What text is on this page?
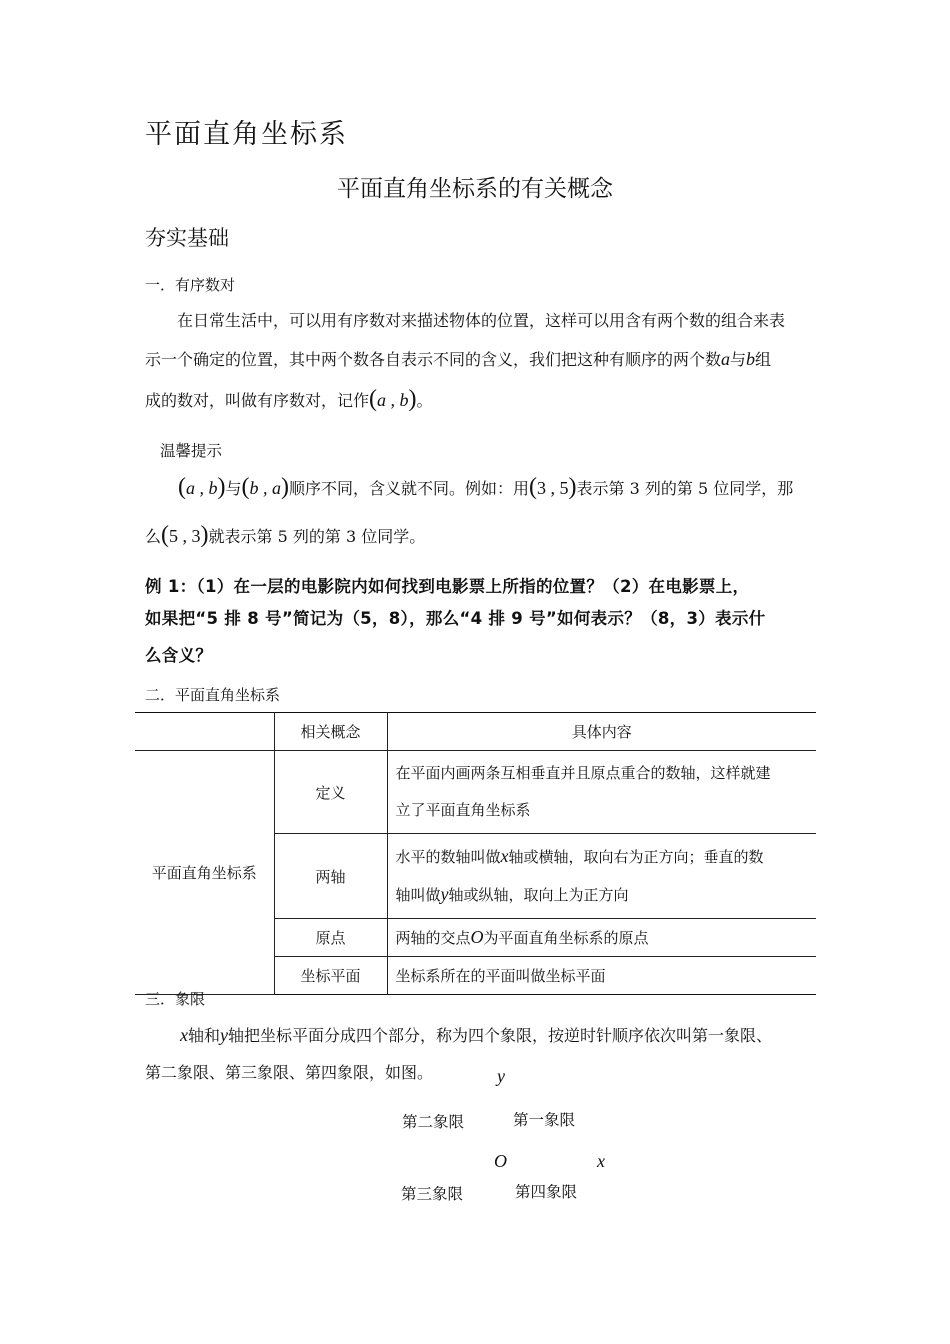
平面直角坐标系
平面直角坐标系的有关概念
夯实基础
一．有序数对
在日常生活中，可以用有序数对来描述物体的位置，这样可以用含有两个数的组合来表
示一个确定的位置，其中两个数各自表示不同的含义，我们把这种有顺序的两个数a与b组
成的数对，叫做有序数对，记作(a , b)。
温馨提示
(a , b)与(b , a)顺序不同，含义就不同。例如：用(3 , 5)表示第 3 列的第 5 位同学，那
么(5 , 3)就表示第 5 列的第 3 位同学。
例 1：（1）在一层的电影院内如何找到电影票上所指的位置？（2）在电影票上，
如果把“5 排 8 号”简记为（5，8），那么“4 排 9 号”如何表示？（8，3）表示什
么含义？
二．平面直角坐标系
	相关概念	具体内容
平面直角坐标系	定义	在平面内画两条互相垂直并且原点重合的数轴，这样就建
立了平面直角坐标系

	两轴	水平的数轴叫做x轴或横轴，取向右为正方向；垂直的数
轴叫做y轴或纵轴，取向上为正方向

	原点	两轴的交点O为平面直角坐标系的原点
	坐标平面	坐标系所在的平面叫做坐标平面
三．象限
x轴和y轴把坐标平面分成四个部分，称为四个象限，按逆时针顺序依次叫第一象限、
第二象限、第三象限、第四象限，如图。	y
第二象限	第一象限
O	x
第三象限	第四象限
